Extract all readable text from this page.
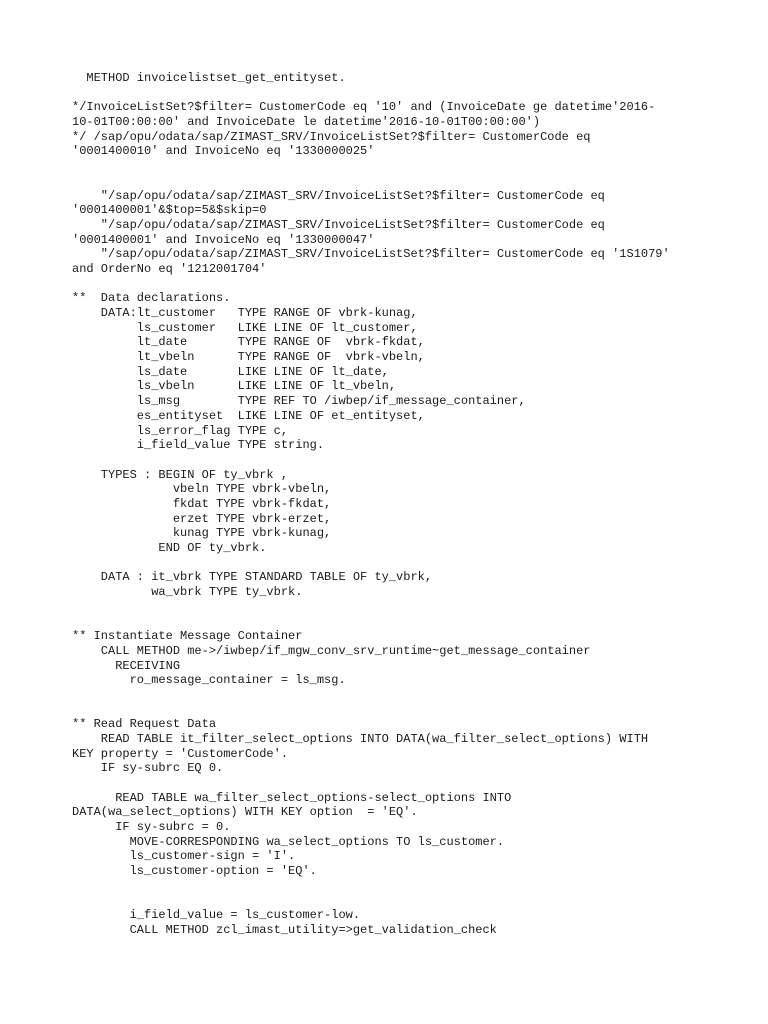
METHOD invoicelistset_get_entityset.
*/InvoiceListSet?$filter= CustomerCode eq '10' and (InvoiceDate ge datetime'2016-
10-01T00:00:00' and InvoiceDate le datetime'2016-10-01T00:00:00')
*/ /sap/opu/odata/sap/ZIMAST_SRV/InvoiceListSet?$filter= CustomerCode eq
'0001400010' and InvoiceNo eq '1330000025'
"/sap/opu/odata/sap/ZIMAST_SRV/InvoiceListSet?$filter= CustomerCode eq
'0001400001'&$top=5&$skip=0
"/sap/opu/odata/sap/ZIMAST_SRV/InvoiceListSet?$filter= CustomerCode eq
'0001400001' and InvoiceNo eq '1330000047'
"/sap/opu/odata/sap/ZIMAST_SRV/InvoiceListSet?$filter= CustomerCode eq '1S1079'
and OrderNo eq '1212001704'
**  Data declarations.
DATA:lt_customer   TYPE RANGE OF vbrk-kunag,
ls_customer   LIKE LINE OF lt_customer,
lt_date       TYPE RANGE OF  vbrk-fkdat,
lt_vbeln      TYPE RANGE OF  vbrk-vbeln,
ls_date       LIKE LINE OF lt_date,
ls_vbeln      LIKE LINE OF lt_vbeln,
ls_msg        TYPE REF TO /iwbep/if_message_container,
es_entityset  LIKE LINE OF et_entityset,
ls_error_flag TYPE c,
i_field_value TYPE string.
TYPES : BEGIN OF ty_vbrk ,
vbeln TYPE vbrk-vbeln,
fkdat TYPE vbrk-fkdat,
erzet TYPE vbrk-erzet,
kunag TYPE vbrk-kunag,
END OF ty_vbrk.
DATA : it_vbrk TYPE STANDARD TABLE OF ty_vbrk,
wa_vbrk TYPE ty_vbrk.
** Instantiate Message Container
CALL METHOD me->/iwbep/if_mgw_conv_srv_runtime~get_message_container
RECEIVING
ro_message_container = ls_msg.
** Read Request Data
READ TABLE it_filter_select_options INTO DATA(wa_filter_select_options) WITH
KEY property = 'CustomerCode'.
IF sy-subrc EQ 0.
READ TABLE wa_filter_select_options-select_options INTO
DATA(wa_select_options) WITH KEY option  = 'EQ'.
IF sy-subrc = 0.
MOVE-CORRESPONDING wa_select_options TO ls_customer.
ls_customer-sign = 'I'.
ls_customer-option = 'EQ'.
i_field_value = ls_customer-low.
CALL METHOD zcl_imast_utility=>get_validation_check
